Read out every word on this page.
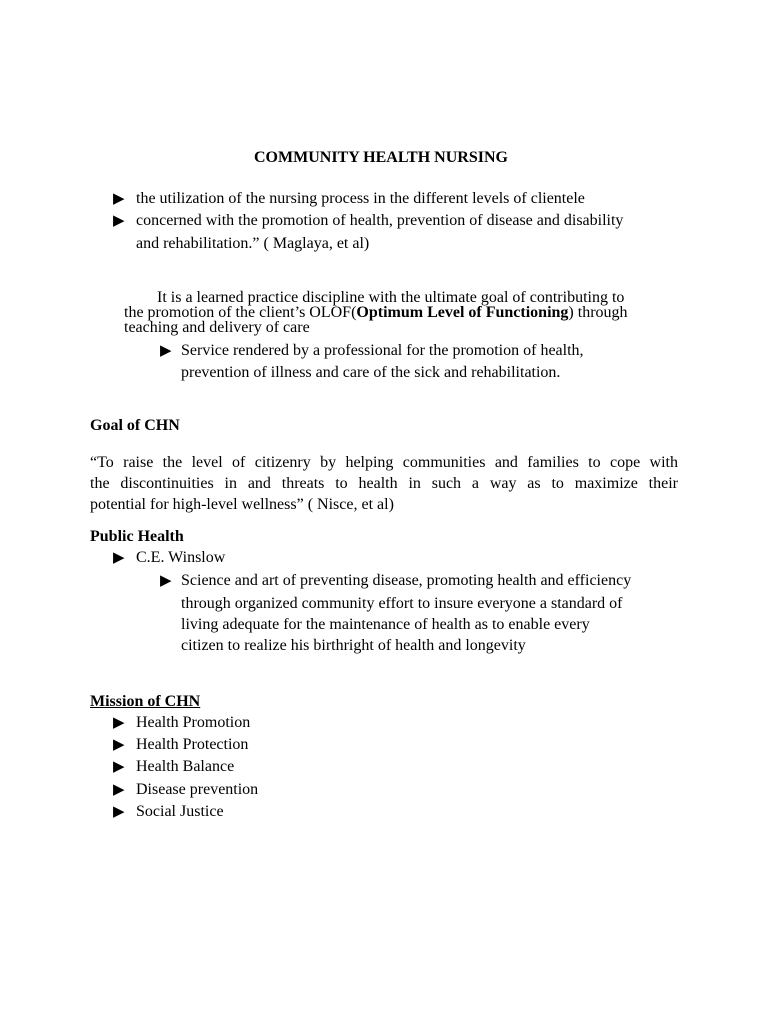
COMMUNITY HEALTH NURSING
▶ the utilization of the nursing process in the different levels of clientele
▶ concerned with the promotion of health, prevention of disease and disability
and rehabilitation.” ( Maglaya, et al)
It is a learned practice discipline with the ultimate goal of contributing to
the promotion of the client’s OLOF(Optimum Level of Functioning) through
teaching and delivery of care
▶ Service rendered by a professional for the promotion of health,
prevention of illness and care of the sick and rehabilitation.
Goal of CHN
“To raise the level of citizenry by helping communities and families to cope with
the discontinuities in and threats to health in such a way as to maximize their
potential for high-level wellness” ( Nisce, et al)
Public Health
▶ C.E. Winslow
▶ Science and art of preventing disease, promoting health and efficiency
through organized community effort to insure everyone a standard of
living adequate for the maintenance of health as to enable every
citizen to realize his birthright of health and longevity
Mission of CHN
▶ Health Promotion
▶ Health Protection
▶ Health Balance
▶ Disease prevention
▶ Social Justice
